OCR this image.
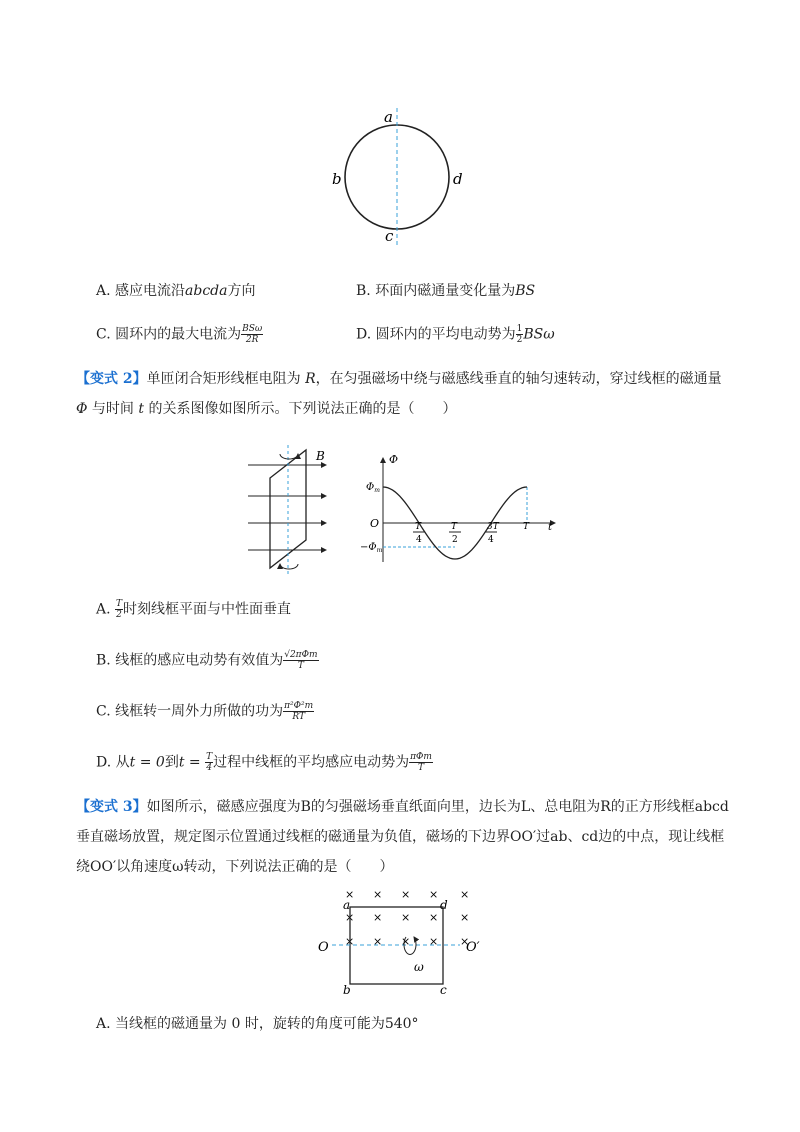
a
b	d
c
A. 感应电流沿abcda方向	B. 环面内磁通量变化量为BS
C. 圆环内的最大电流为 $\frac{\text{BSω}}{2R}$	D. 圆环内的平均电动势为 $\frac{1}{2}$ BSω
【变式 2】单匝闭合矩形线框电阻为 R，在匀强磁场中绕与磁感线垂直的轴匀速转动，穿过线框的磁通量
Φ 与时间 t 的关系图像如图所示。下列说法正确的是（　　）
B	Φ
t
O
$\Phi_m$
$-\Phi_m$
T
4
T
2
3T
4
T
A. $\frac{T}{2}$ 时刻线框平面与中性面垂直
B. 线框的感应电动势有效值为 $\frac{\text{√2πΦm}}{T}$
C. 线框转一周外力所做的功为 $\frac{\text{π²Φ²m}}{RT}$
D. 从t = 0到$t = \frac{T}{4}$ 过程中线框的平均感应电动势为 $\frac{\text{πΦm}}{T}$
【变式 3】如图所示，磁感应强度为B的匀强磁场垂直纸面向里，边长为L、总电阻为R的正方形线框abcd
垂直磁场放置，规定图示位置通过线框的磁通量为负值，磁场的下边界OO′过ab、cd边的中点，现让线框
绕OO′以角速度ω转动，下列说法正确的是（　　）
× × × × ×
× × × × ×
× × × × ×
a	d
b	c
O	O′
ω
A. 当线框的磁通量为 0 时，旋转的角度可能为540°
